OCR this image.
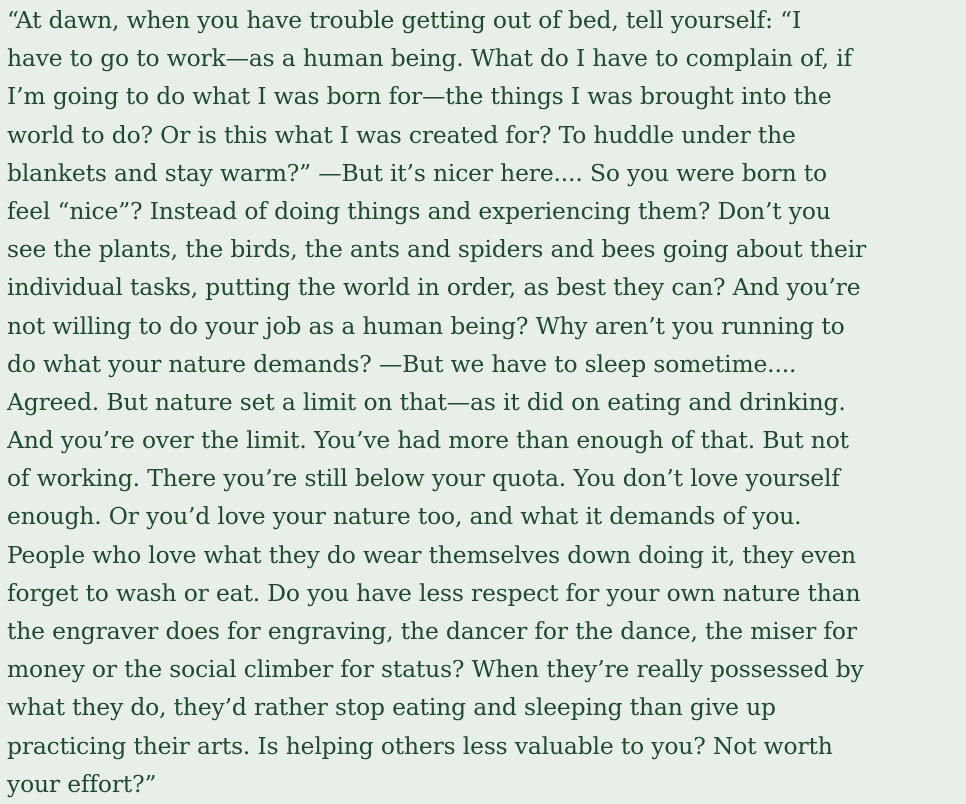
“At dawn, when you have trouble getting out of bed, tell yourself: “I
have to go to work—as a human being. What do I have to complain of, if
I’m going to do what I was born for—the things I was brought into the
world to do? Or is this what I was created for? To huddle under the
blankets and stay warm?” —But it’s nicer here.... So you were born to
feel “nice”? Instead of doing things and experiencing them? Don’t you
see the plants, the birds, the ants and spiders and bees going about their
individual tasks, putting the world in order, as best they can? And you’re
not willing to do your job as a human being? Why aren’t you running to
do what your nature demands? —But we have to sleep sometime....
Agreed. But nature set a limit on that—as it did on eating and drinking.
And you’re over the limit. You’ve had more than enough of that. But not
of working. There you’re still below your quota. You don’t love yourself
enough. Or you’d love your nature too, and what it demands of you.
People who love what they do wear themselves down doing it, they even
forget to wash or eat. Do you have less respect for your own nature than
the engraver does for engraving, the dancer for the dance, the miser for
money or the social climber for status? When they’re really possessed by
what they do, they’d rather stop eating and sleeping than give up
practicing their arts. Is helping others less valuable to you? Not worth
your effort?”
